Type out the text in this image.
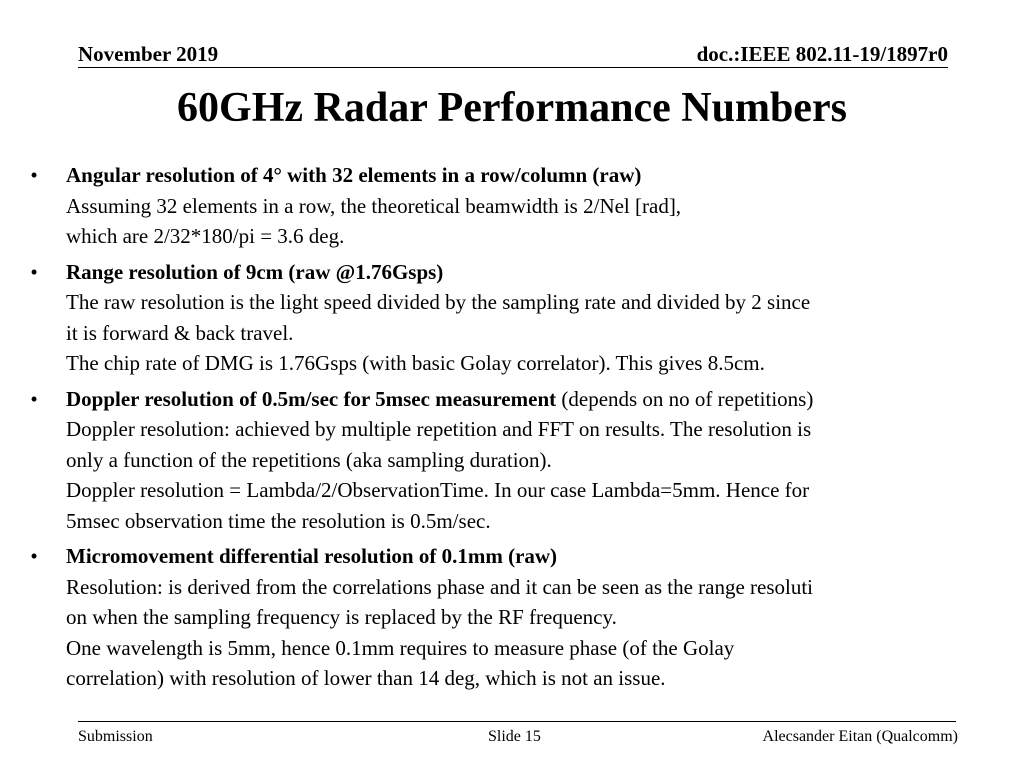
November 2019	doc.:IEEE 802.11-19/1897r0
60GHz Radar Performance Numbers
• Angular resolution of 4° with 32 elements in a row/column (raw)
Assuming 32 elements in a row, the theoretical beamwidth is 2/Nel [rad],
which are 2/32*180/pi = 3.6 deg.
• Range resolution of 9cm (raw @1.76Gsps)
The raw resolution is the light speed divided by the sampling rate and divided by 2 since
it is forward & back travel.
The chip rate of DMG is 1.76Gsps (with basic Golay correlator). This gives 8.5cm.
• Doppler resolution of 0.5m/sec for 5msec measurement (depends on no of repetitions)
Doppler resolution: achieved by multiple repetition and FFT on results. The resolution is
only a function of the repetitions (aka sampling duration).
Doppler resolution = Lambda/2/ObservationTime. In our case Lambda=5mm. Hence for
5msec observation time the resolution is 0.5m/sec.
• Micromovement differential resolution of 0.1mm (raw)
Resolution: is derived from the correlations phase and it can be seen as the range resoluti
on when the sampling frequency is replaced by the RF frequency.
One wavelength is 5mm, hence 0.1mm requires to measure phase (of the Golay
correlation) with resolution of lower than 14 deg, which is not an issue.
Submission	Slide 15	Alecsander Eitan (Qualcomm)
